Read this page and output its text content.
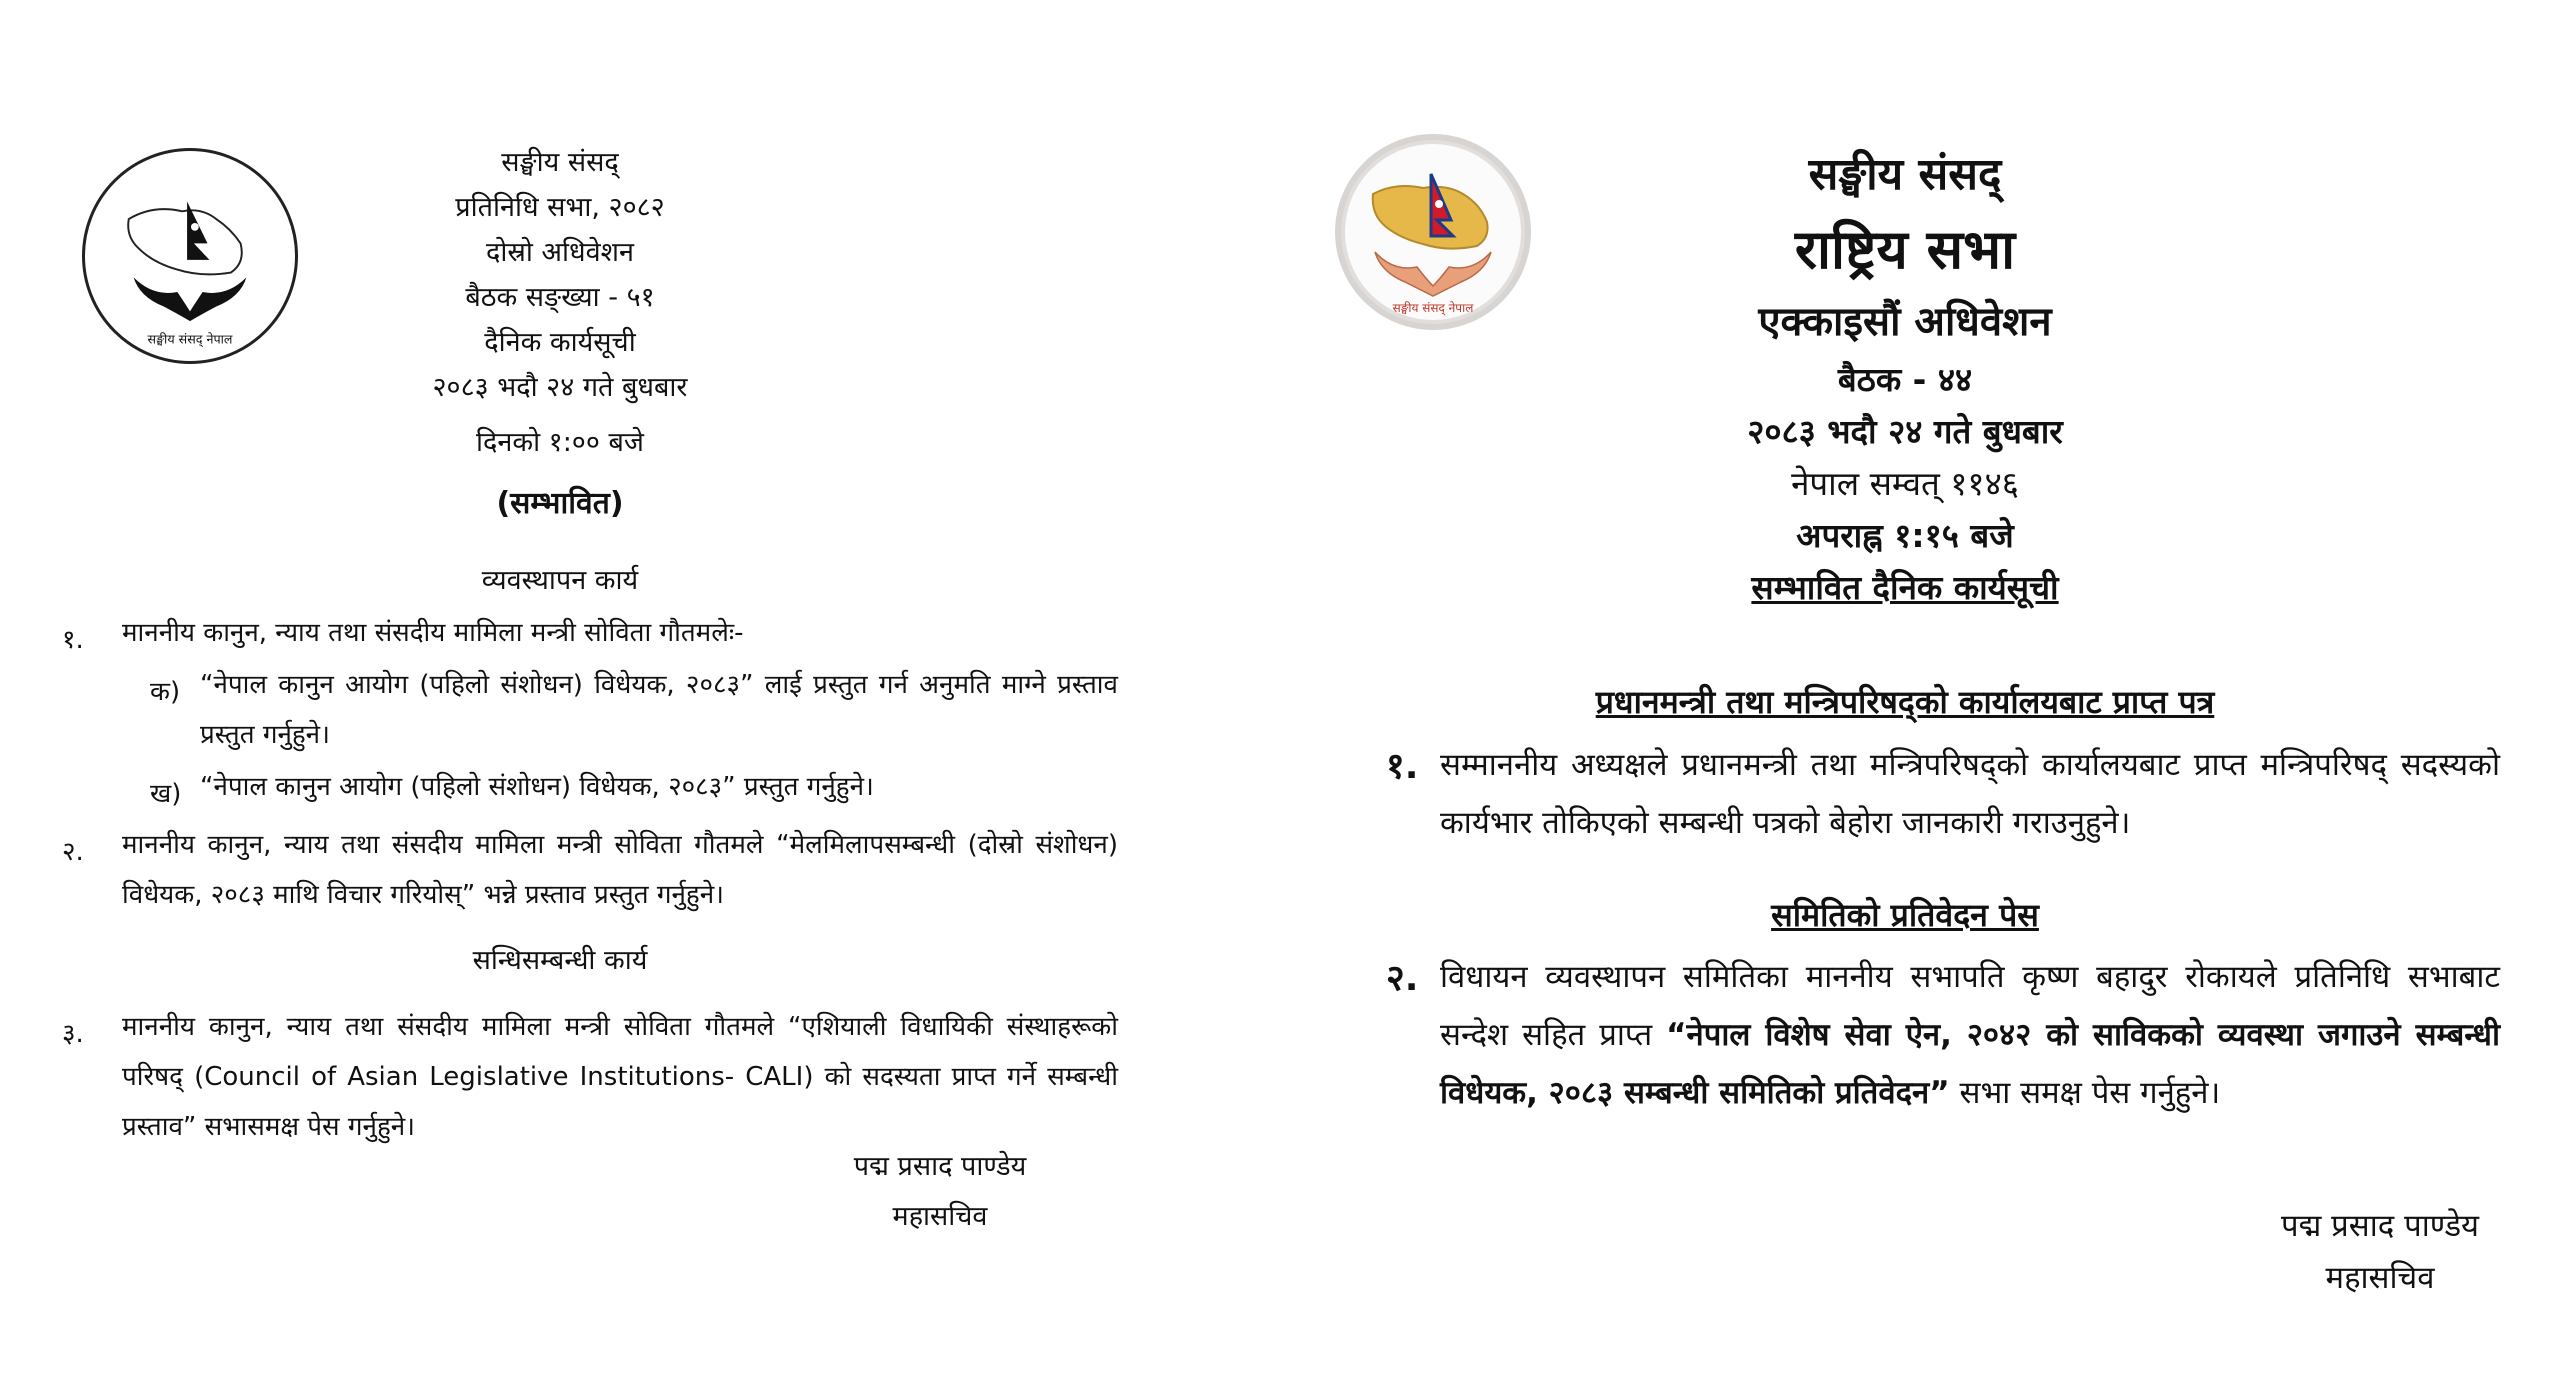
सङ्घीय संसद् नेपाल
सङ्घीय संसद्
प्रतिनिधि सभा, २०८२
दोस्रो अधिवेशन
बैठक सङ्ख्या - ५१
दैनिक कार्यसूची
२०८३ भदौ २४ गते बुधबार
दिनको १:०० बजे
(सम्भावित)
व्यवस्थापन कार्य
१. माननीय कानुन, न्याय तथा संसदीय मामिला मन्त्री सोविता गौतमलेः-
क) “नेपाल कानुन आयोग (पहिलो संशोधन) विधेयक, २०८३” लाई प्रस्तुत गर्न अनुमति माग्ने प्रस्ताव प्रस्तुत गर्नुहुने।
ख) “नेपाल कानुन आयोग (पहिलो संशोधन) विधेयक, २०८३” प्रस्तुत गर्नुहुने।
२. माननीय कानुन, न्याय तथा संसदीय मामिला मन्त्री सोविता गौतमले “मेलमिलापसम्बन्धी (दोस्रो संशोधन) विधेयक, २०८३ माथि विचार गरियोस्” भन्ने प्रस्ताव प्रस्तुत गर्नुहुने।
सन्धिसम्बन्धी कार्य
३. माननीय कानुन, न्याय तथा संसदीय मामिला मन्त्री सोविता गौतमले “एशियाली विधायिकी संस्थाहरूको परिषद् (Council of Asian Legislative Institutions- CALI) को सदस्यता प्राप्त गर्ने सम्बन्धी प्रस्ताव” सभासमक्ष पेस गर्नुहुने।
पद्म प्रसाद पाण्डेय
महासचिव
सङ्घीय संसद् नेपाल
सङ्घीय संसद्
राष्ट्रिय सभा
एक्काइसौं अधिवेशन
बैठक - ४४
२०८३ भदौ २४ गते बुधबार
नेपाल सम्वत् ११४६
अपराह्न १:१५ बजे
सम्भावित दैनिक कार्यसूची
प्रधानमन्त्री तथा मन्त्रिपरिषद्को कार्यालयबाट प्राप्त पत्र
१. सम्माननीय अध्यक्षले प्रधानमन्त्री तथा मन्त्रिपरिषद्को कार्यालयबाट प्राप्त मन्त्रिपरिषद् सदस्यको कार्यभार तोकिएको सम्बन्धी पत्रको बेहोरा जानकारी गराउनुहुने।
समितिको प्रतिवेदन पेस
२. विधायन व्यवस्थापन समितिका माननीय सभापति कृष्ण बहादुर रोकायले प्रतिनिधि सभाबाट सन्देश सहित प्राप्त “नेपाल विशेष सेवा ऐन, २०४२ को साविकको व्यवस्था जगाउने सम्बन्धी विधेयक, २०८३ सम्बन्धी समितिको प्रतिवेदन” सभा समक्ष पेस गर्नुहुने।
पद्म प्रसाद पाण्डेय
महासचिव
